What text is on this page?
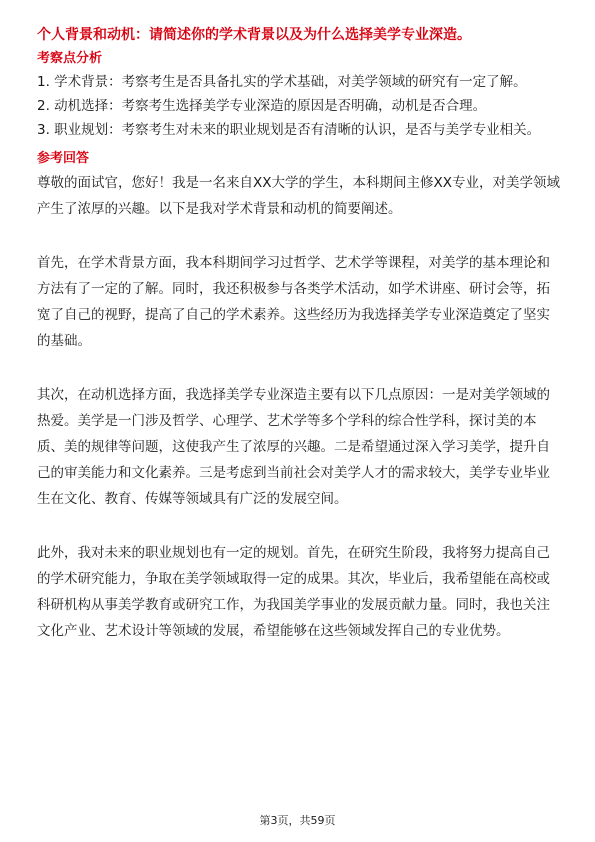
个人背景和动机：请简述你的学术背景以及为什么选择美学专业深造。

考察点分析

1. 学术背景：考察考生是否具备扎实的学术基础，对美学领域的研究有一定了解。

2. 动机选择：考察考生选择美学专业深造的原因是否明确，动机是否合理。

3. 职业规划：考察考生对未来的职业规划是否有清晰的认识，是否与美学专业相关。

参考回答

尊敬的面试官，您好！我是一名来自XX大学的学生，本科期间主修XX专业，对美学领域产生了浓厚的兴趣。以下是我对学术背景和动机的简要阐述。

首先，在学术背景方面，我本科期间学习过哲学、艺术学等课程，对美学的基本理论和方法有了一定的了解。同时，我还积极参与各类学术活动，如学术讲座、研讨会等，拓宽了自己的视野，提高了自己的学术素养。这些经历为我选择美学专业深造奠定了坚实的基础。

其次，在动机选择方面，我选择美学专业深造主要有以下几点原因：一是对美学领域的热爱。美学是一门涉及哲学、心理学、艺术学等多个学科的综合性学科，探讨美的本质、美的规律等问题，这使我产生了浓厚的兴趣。二是希望通过深入学习美学，提升自己的审美能力和文化素养。三是考虑到当前社会对美学人才的需求较大，美学专业毕业生在文化、教育、传媒等领域具有广泛的发展空间。

此外，我对未来的职业规划也有一定的规划。首先，在研究生阶段，我将努力提高自己的学术研究能力，争取在美学领域取得一定的成果。其次，毕业后，我希望能在高校或科研机构从事美学教育或研究工作，为我国美学事业的发展贡献力量。同时，我也关注文化产业、艺术设计等领域的发展，希望能够在这些领域发挥自己的专业优势。

第3页，共59页
